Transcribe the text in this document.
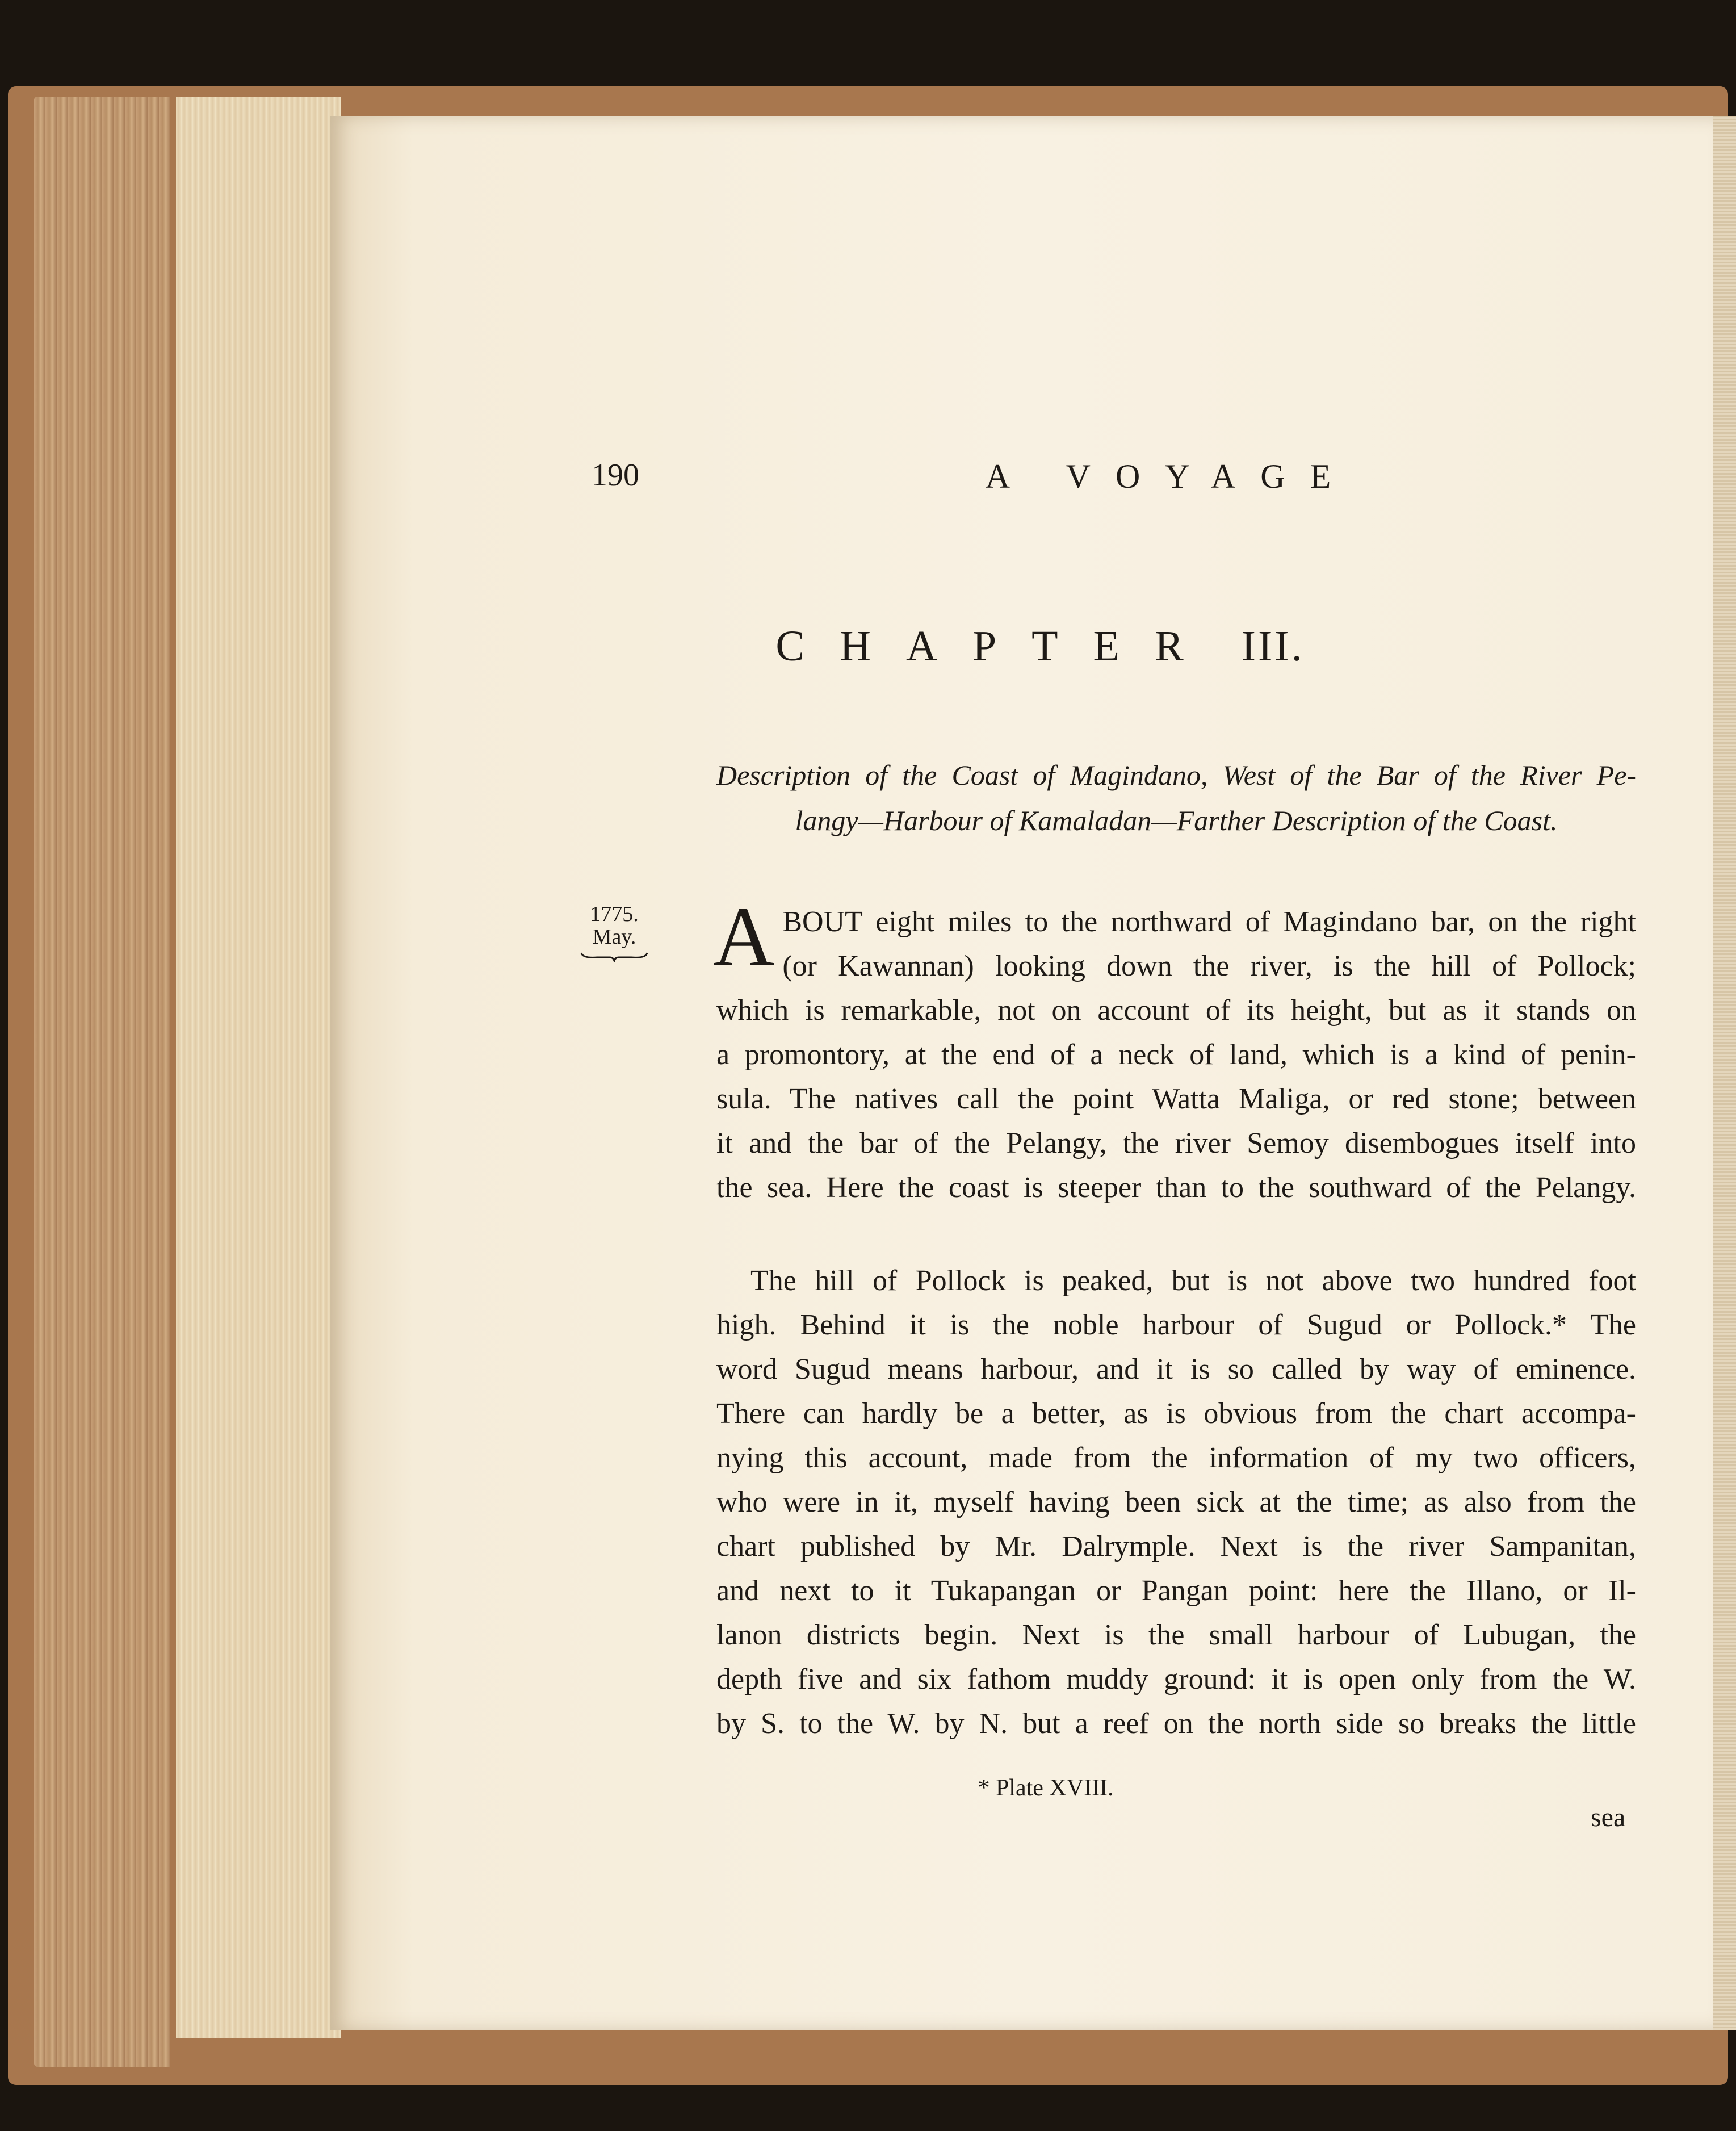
190	A VOYAGE
CHAPTER III.
Description of the Coast of Magindano, West of the Bar of the River Pe-
langy—Harbour of Kamaladan—Farther Description of the Coast.
1775.
May. A BOUT eight miles to the northward of Magindano bar, on the right
(or Kawannan) looking down the river, is the hill of Pollock;
which is remarkable, not on account of its height, but as it stands on
a promontory, at the end of a neck of land, which is a kind of penin-
sula. The natives call the point Watta Maliga, or red stone; between
it and the bar of the Pelangy, the river Semoy disembogues itself into
the sea. Here the coast is steeper than to the southward of the Pelangy.
The hill of Pollock is peaked, but is not above two hundred foot
high. Behind it is the noble harbour of Sugud or Pollock.* The
word Sugud means harbour, and it is so called by way of eminence.
There can hardly be a better, as is obvious from the chart accompa-
nying this account, made from the information of my two officers,
who were in it, myself having been sick at the time; as also from the
chart published by Mr. Dalrymple. Next is the river Sampanitan,
and next to it Tukapangan or Pangan point: here the Illano, or Il-
lanon districts begin. Next is the small harbour of Lubugan, the
depth five and six fathom muddy ground: it is open only from the W.
by S. to the W. by N. but a reef on the north side so breaks the little
* Plate XVIII.
sea
